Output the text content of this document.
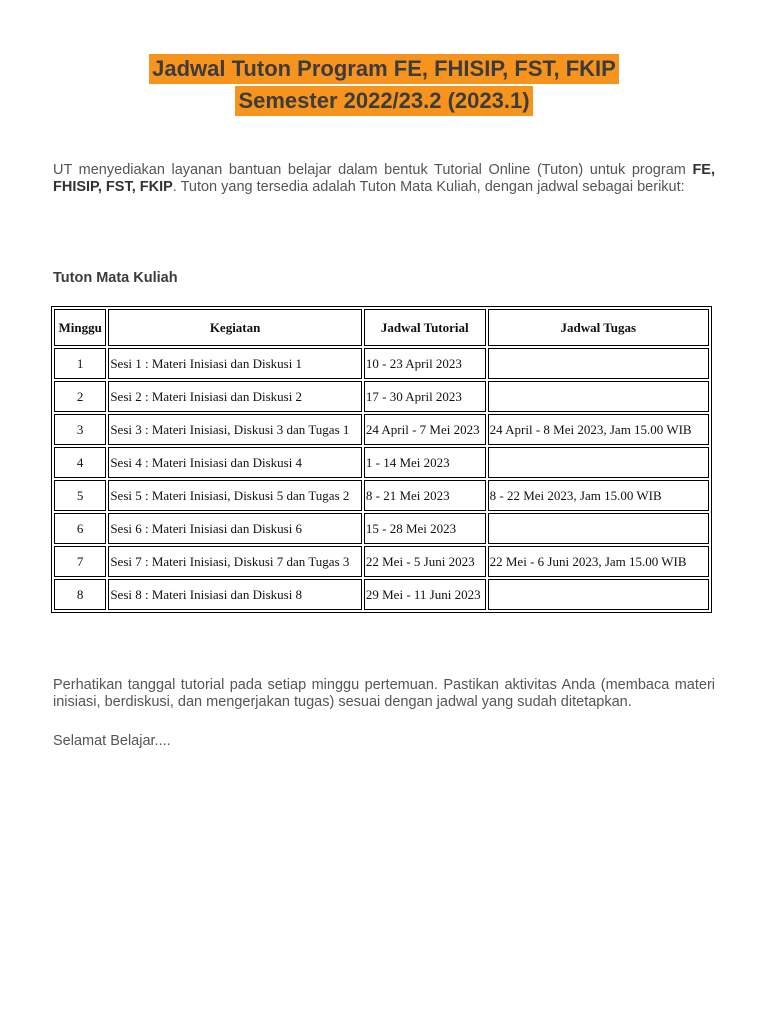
Jadwal Tuton Program FE, FHISIP, FST, FKIP
Semester 2022/23.2 (2023.1)

UT menyediakan layanan bantuan belajar dalam bentuk Tutorial Online (Tuton) untuk program FE, FHISIP, FST, FKIP. Tuton yang tersedia adalah Tuton Mata Kuliah, dengan jadwal sebagai berikut:

Tuton Mata Kuliah
Minggu	Kegiatan	Jadwal Tutorial	Jadwal Tugas
1	Sesi 1 : Materi Inisiasi dan Diskusi 1	10 - 23 April 2023	
2	Sesi 2 : Materi Inisiasi dan Diskusi 2	17 - 30 April 2023	
3	Sesi 3 : Materi Inisiasi, Diskusi 3 dan Tugas 1	24 April - 7 Mei 2023	24 April - 8 Mei 2023, Jam 15.00 WIB
4	Sesi 4 : Materi Inisiasi dan Diskusi 4	1 - 14 Mei 2023	
5	Sesi 5 : Materi Inisiasi, Diskusi 5 dan Tugas 2	8 - 21 Mei 2023	8 - 22 Mei 2023, Jam 15.00 WIB
6	Sesi 6 : Materi Inisiasi dan Diskusi 6	15 - 28 Mei 2023	
7	Sesi 7 : Materi Inisiasi, Diskusi 7 dan Tugas 3	22 Mei - 5 Juni 2023	22 Mei - 6 Juni 2023, Jam 15.00 WIB
8	Sesi 8 : Materi Inisiasi dan Diskusi 8	29 Mei - 11 Juni 2023	

Perhatikan tanggal tutorial pada setiap minggu pertemuan. Pastikan aktivitas Anda (membaca materi inisiasi, berdiskusi, dan mengerjakan tugas) sesuai dengan jadwal yang sudah ditetapkan.

Selamat Belajar....
